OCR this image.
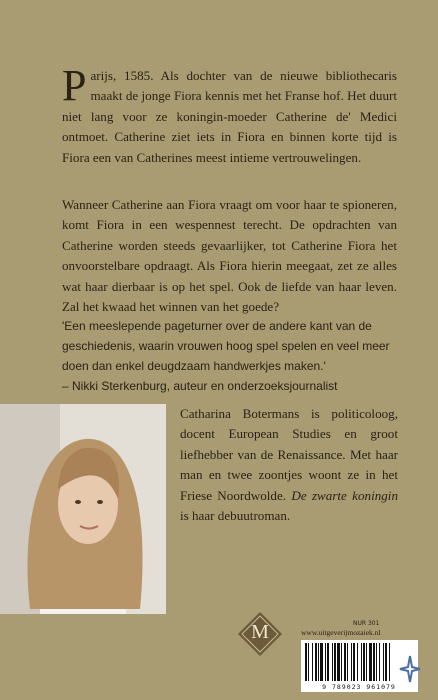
Parijs, 1585. Als dochter van de nieuwe bibliothecaris maakt de jonge Fiora kennis met het Franse hof. Het duurt niet lang voor ze koningin-moeder Catherine de' Medici ontmoet. Catherine ziet iets in Fiora en binnen korte tijd is Fiora een van Catherines meest intieme vertrouwelingen.
Wanneer Catherine aan Fiora vraagt om voor haar te spioneren, komt Fiora in een wespennest terecht. De opdrachten van Catherine worden steeds gevaarlijker, tot Catherine Fiora het onvoorstelbare opdraagt. Als Fiora hierin meegaat, zet ze alles wat haar dierbaar is op het spel. Ook de liefde van haar leven. Zal het kwaad het winnen van het goede?
'Een meeslepende pageturner over de andere kant van de geschiedenis, waarin vrouwen hoog spel spelen en veel meer doen dan enkel deugdzaam handwerkjes maken.'
– Nikki Sterkenburg, auteur en onderzoeksjournalist
Catharina Botermans is politicoloog, docent European Studies en groot liefhebber van de Renaissance. Met haar man en twee zoontjes woont ze in het Friese Noordwolde. De zwarte koningin is haar debuutroman.
M	NUR 301
www.uitgeverijmozaiek.nl
9 789023 961079
